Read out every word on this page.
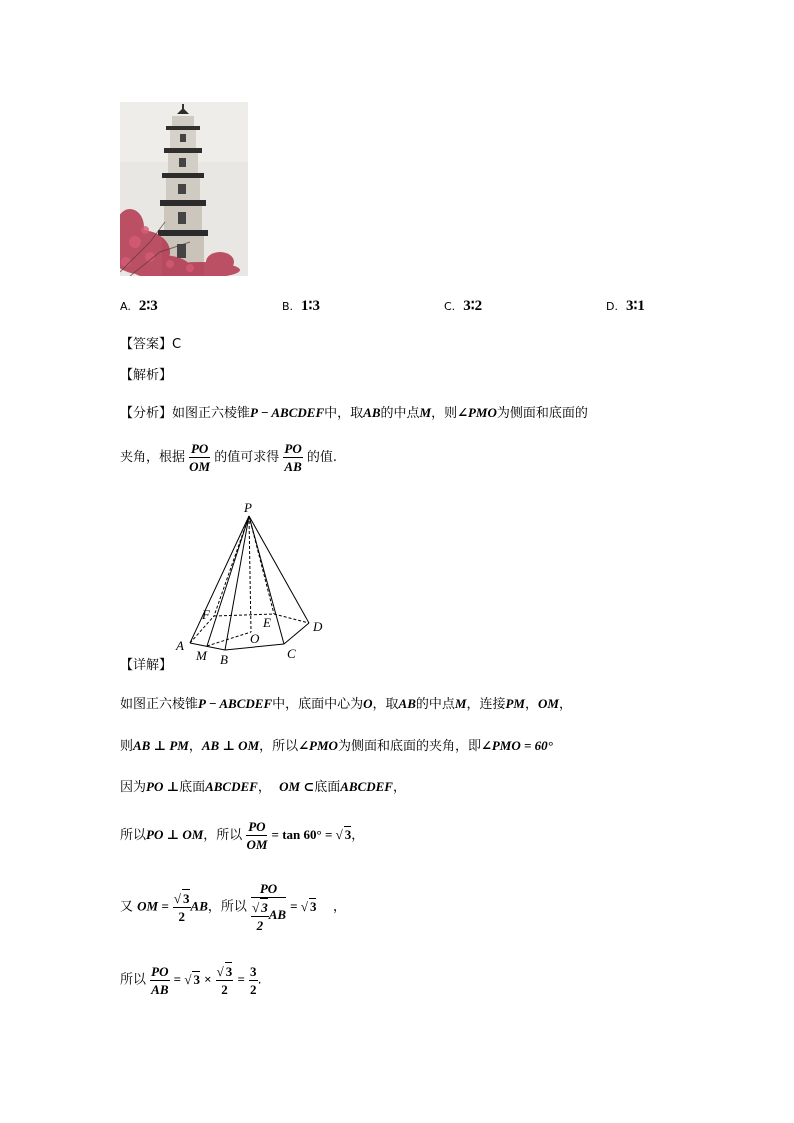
A. 2∶3	B. 1∶3	C. 3∶2	D. 3∶1
【答案】C
【解析】
【分析】如图正六棱锥P − ABCDEF中，取AB的中点M，则∠PMO为侧面和底面的
夹角，根据 $\frac{PO}{OM}$ 的值可求得 $\frac{PO}{AB}$ 的值.
P
F
E	D
O
A
M B	C
【详解】
如图正六棱锥P − ABCDEF中，底面中心为O，取AB的中点M，连接PM，OM，
则AB ⊥ PM，AB ⊥ OM，所以∠PMO为侧面和底面的夹角，即∠PMO = 60°
因为PO ⊥底面ABCDEF， OM ⊂底面ABCDEF，
所以PO ⊥ OM，所以 $\frac{PO}{OM} = \tan 60^\circ$ = √ 3，
又 OM = $\frac{√ 3}{2}$ AB，所以 $\frac{PO}{\frac{√ 3}{2} AB}$ = √ 3 ，
所以 $\frac{PO}{AB}$ = √ $3 \times \frac{√ 3}{2} = \frac{3}{2}$ .
